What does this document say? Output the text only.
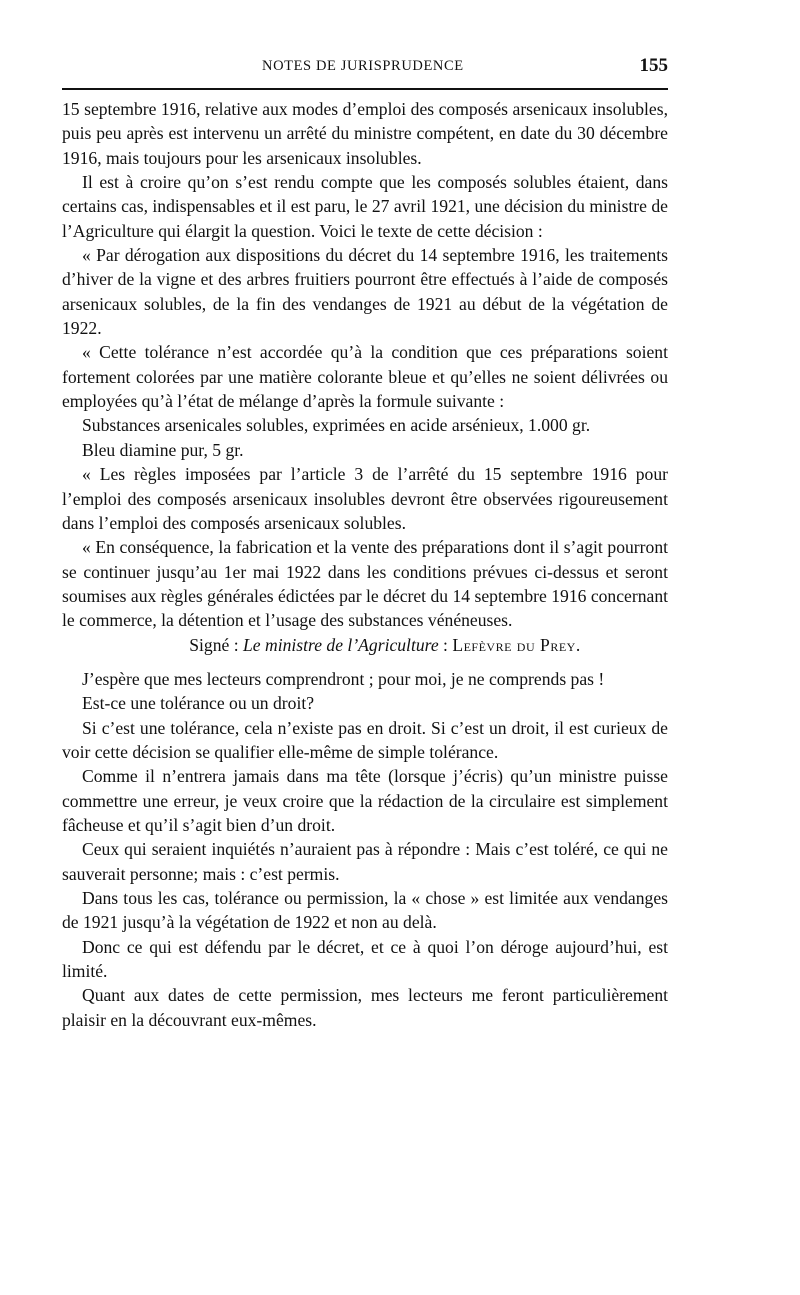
NOTES DE JURISPRUDENCE	155

15 septembre 1916, relative aux modes d’emploi des composés arsenicaux insolubles, puis peu après est intervenu un arrêté du ministre compétent, en date du 30 décembre 1916, mais toujours pour les arsenicaux insolubles.

Il est à croire qu’on s’est rendu compte que les composés solubles étaient, dans certains cas, indispensables et il est paru, le 27 avril 1921, une décision du ministre de l’Agriculture qui élargit la question. Voici le texte de cette décision :

« Par dérogation aux dispositions du décret du 14 septembre 1916, les traitements d’hiver de la vigne et des arbres fruitiers pourront être effectués à l’aide de composés arsenicaux solubles, de la fin des vendanges de 1921 au début de la végétation de 1922.

« Cette tolérance n’est accordée qu’à la condition que ces préparations soient fortement colorées par une matière colorante bleue et qu’elles ne soient délivrées ou employées qu’à l’état de mélange d’après la formule suivante :

Substances arsenicales solubles, exprimées en acide arsénieux, 1.000 gr.

Bleu diamine pur, 5 gr.

« Les règles imposées par l’article 3 de l’arrêté du 15 septembre 1916 pour l’emploi des composés arsenicaux insolubles devront être observées rigoureusement dans l’emploi des composés arsenicaux solubles.

« En conséquence, la fabrication et la vente des préparations dont il s’agit pourront se continuer jusqu’au 1er mai 1922 dans les conditions prévues ci-dessus et seront soumises aux règles générales édictées par le décret du 14 septembre 1916 concernant le commerce, la détention et l’usage des substances vénéneuses.

Signé : Le ministre de l’Agriculture : Lefèvre du Prey.

J’espère que mes lecteurs comprendront ; pour moi, je ne comprends pas !

Est-ce une tolérance ou un droit?

Si c’est une tolérance, cela n’existe pas en droit. Si c’est un droit, il est curieux de voir cette décision se qualifier elle-même de simple tolérance.

Comme il n’entrera jamais dans ma tête (lorsque j’écris) qu’un ministre puisse commettre une erreur, je veux croire que la rédaction de la circulaire est simplement fâcheuse et qu’il s’agit bien d’un droit.

Ceux qui seraient inquiétés n’auraient pas à répondre : Mais c’est toléré, ce qui ne sauverait personne; mais : c’est permis.

Dans tous les cas, tolérance ou permission, la « chose » est limitée aux vendanges de 1921 jusqu’à la végétation de 1922 et non au delà.

Donc ce qui est défendu par le décret, et ce à quoi l’on déroge aujourd’hui, est limité.

Quant aux dates de cette permission, mes lecteurs me feront particulièrement plaisir en la découvrant eux-mêmes.
